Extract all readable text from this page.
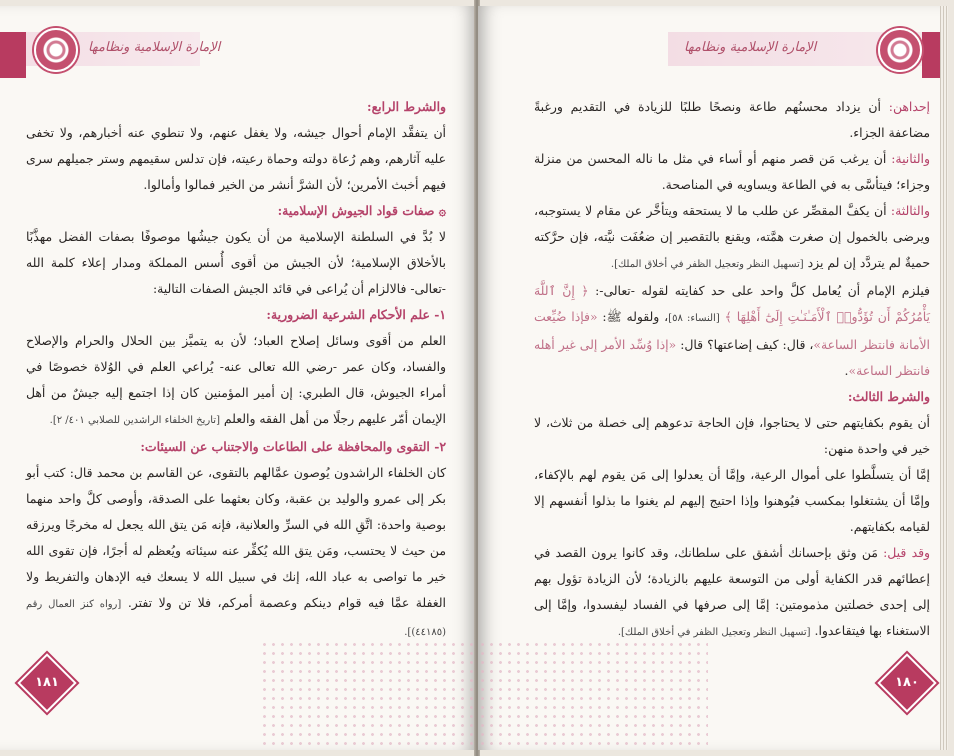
الإمارة الإسلامية ونظامها

والشرط الرابع:

أن يتفقَّد الإمام أحوال جيشه، ولا يغفل عنهم، ولا تنطوي عنه أخبارهم، ولا تخفى عليه آثارهم، وهم رُعاة دولته وحماة رعيته، فإن تدلس سقيمهم وستر جميلهم سرى فيهم أخبث الأمرين؛ لأن الشرَّ أنشر من الخير فمالوا وأمالوا.

۞ صفات قواد الجيوش الإسلامية:

لا بُدَّ في السلطنة الإسلامية من أن يكون جيشُها موصوفًا بصفات الفضل مهذَّبًا بالأخلاق الإسلامية؛ لأن الجيش من أقوى أُسس المملكة ومدار إعلاء كلمة الله -تعالى- فالالزام أن يُراعى في قائد الجيش الصفات التالية:

١- علم الأحكام الشرعية الضرورية:

العلم من أقوى وسائل إصلاح العباد؛ لأن به يتميَّز بين الحلال والحرام والإصلاح والفساد، وكان عمر -رضي الله تعالى عنه- يُراعي العلم في الوُلاة خصوصًا في أمراء الجيوش، قال الطبري: إن أمير المؤمنين كان إذا اجتمع إليه جيشٌ من أهل الإيمان أمّر عليهم رجلًا من أهل الفقه والعلم [تاريخ الخلفاء الراشدين للصلابي ٤٠١/ ٢].

٢- التقوى والمحافظة على الطاعات والاجتناب عن السيئات:

كان الخلفاء الراشدون يُوصون عمَّالهم بالتقوى، عن القاسم بن محمد قال: كتب أبو بكر إلى عمرو والوليد بن عقبة، وكان بعثهما على الصدقة، وأوصى كلَّ واحد منهما بوصية واحدة: اتَّقِ الله في السرِّ والعلانية، فإنه مَن يتق الله يجعل له مخرجًا ويرزقه من حيث لا يحتسب، ومَن يتق الله يُكفِّر عنه سيئاته ويُعظم له أجرًا، فإن تقوى الله خير ما تواصى به عباد الله، إنك في سبيل الله لا يسعك فيه الإدهان والتفريط ولا الغفلة عمَّا فيه قوام دينكم وعصمة أمركم، فلا تن ولا تفتر. [رواه كنز العمال رقم (٤٤١٨٥)].

١٨١
الإمارة الإسلامية ونظامها

إحداهن: أن يزداد محسنُهم طاعة ونصحًا طلبًا للزيادة في التقديم ورغبةً مضاعفة الجزاء.

والثانية: أن يرغب مَن قصر منهم أو أساء في مثل ما ناله المحسن من منزلة وجزاء؛ فيتأسَّى به في الطاعة ويساويه في المناصحة.

والثالثة: أن يكفَّ المقصِّر عن طلب ما لا يستحقه ويتأخَّر عن مقام لا يستوجبه، ويرضى بالخمول إن صغرت همَّته، ويقنع بالتقصير إن ضعُفَت نيَّته، فإن حرَّكته حميةٌ لم يتردَّد إن لم يزد [تسهيل النظر وتعجيل الظفر في أخلاق الملك].

فيلزم الإمام أن يُعامل كلَّ واحد على حد كفايته لقوله -تعالى-: ﴿ إِنَّ ٱللَّهَ يَأْمُرُكُمْ أَن تُؤَدُّوا۟ ٱلْأَمَـٰنَـٰتِ إِلَىٰٓ أَهْلِهَا ﴾ [النساء: ٥٨]، ولقوله ﷺ: «فإذا ضُيِّعت الأمانة فانتظر الساعة»، قال: كيف إضاعتها؟ قال: «إذا وُسِّد الأمر إلى غير أهله فانتظر الساعة».

والشرط الثالث:

أن يقوم بكفايتهم حتى لا يحتاجوا، فإن الحاجة تدعوهم إلى خصلة من ثلاث، لا خير في واحدة منهن:

إمَّا أن يتسلَّطوا على أموال الرعية، وإمَّا أن يعدلوا إلى مَن يقوم لهم بالإكفاء، وإمَّا أن يشتغلوا بمكسب فيُوهنوا وإذا احتيج إليهم لم يغنوا ما بذلوا أنفسهم إلا لقيامه بكفايتهم.

وقد قيل: مَن وثق بإحسانك أشفق على سلطانك، وقد كانوا يرون القصد في إعطائهم قدر الكفاية أولى من التوسعة عليهم بالزيادة؛ لأن الزيادة تؤول بهم إلى إحدى خصلتين مذمومتين: إمَّا إلى صرفها في الفساد ليفسدوا، وإمَّا إلى الاستغناء بها فيتقاعدوا. [تسهيل النظر وتعجيل الظفر في أخلاق الملك].

١٨٠
